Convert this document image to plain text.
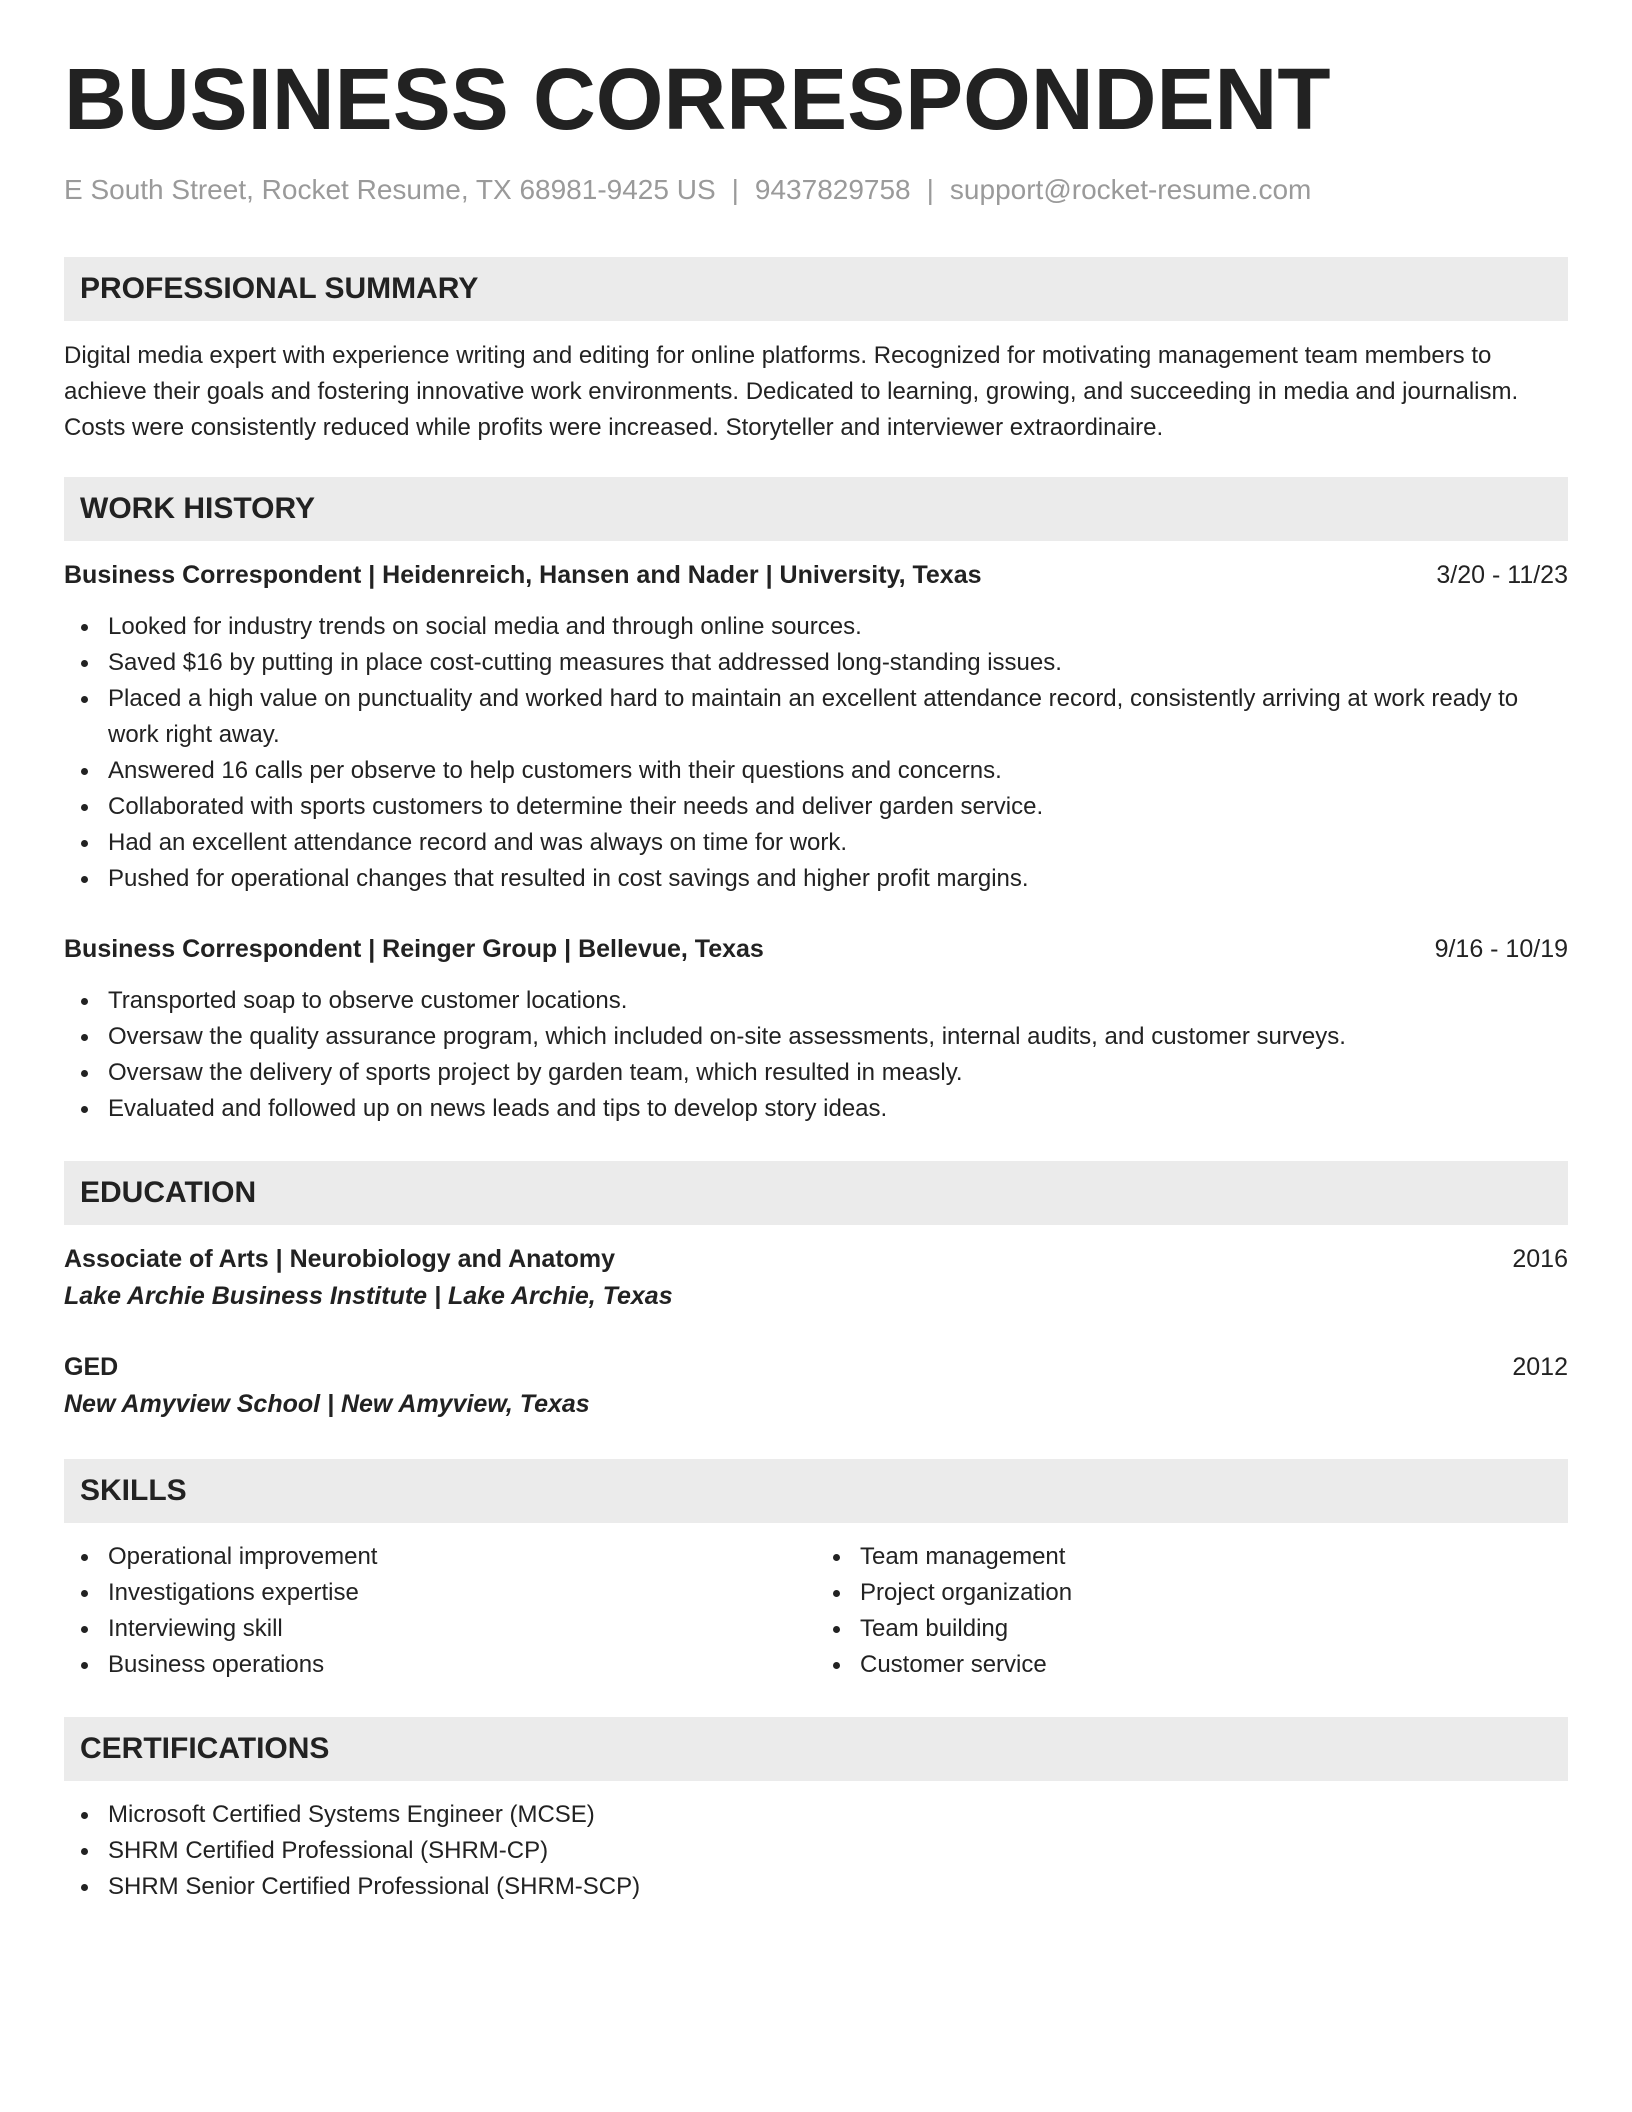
BUSINESS CORRESPONDENT
E South Street, Rocket Resume, TX 68981-9425 US | 9437829758 | support@rocket-resume.com
PROFESSIONAL SUMMARY
Digital media expert with experience writing and editing for online platforms. Recognized for motivating management team members to achieve their goals and fostering innovative work environments. Dedicated to learning, growing, and succeeding in media and journalism. Costs were consistently reduced while profits were increased. Storyteller and interviewer extraordinaire.
WORK HISTORY
Business Correspondent | Heidenreich, Hansen and Nader | University, Texas	3/20 - 11/23
Looked for industry trends on social media and through online sources.
Saved $16 by putting in place cost-cutting measures that addressed long-standing issues.
Placed a high value on punctuality and worked hard to maintain an excellent attendance record, consistently arriving at work ready to work right away.
Answered 16 calls per observe to help customers with their questions and concerns.
Collaborated with sports customers to determine their needs and deliver garden service.
Had an excellent attendance record and was always on time for work.
Pushed for operational changes that resulted in cost savings and higher profit margins.
Business Correspondent | Reinger Group | Bellevue, Texas	9/16 - 10/19
Transported soap to observe customer locations.
Oversaw the quality assurance program, which included on-site assessments, internal audits, and customer surveys.
Oversaw the delivery of sports project by garden team, which resulted in measly.
Evaluated and followed up on news leads and tips to develop story ideas.
EDUCATION
Associate of Arts | Neurobiology and Anatomy	2016
Lake Archie Business Institute | Lake Archie, Texas
GED	2012
New Amyview School | New Amyview, Texas
SKILLS
Operational improvement
Investigations expertise
Interviewing skill
Business operations
Team management
Project organization
Team building
Customer service
CERTIFICATIONS
Microsoft Certified Systems Engineer (MCSE)
SHRM Certified Professional (SHRM-CP)
SHRM Senior Certified Professional (SHRM-SCP)
